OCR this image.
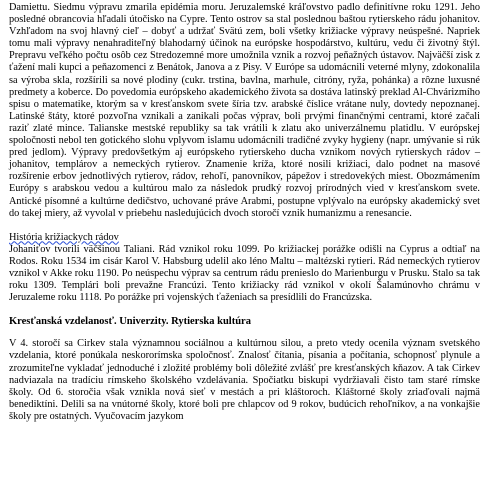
Damiettu. Siedmu výpravu zmarila epidémia moru. Jeruzalemské kráľovstvo padlo definitívne roku 1291. Jeho posledné obrancovia hľadali útočisko na Cypre. Tento ostrov sa stal poslednou baštou rytierskeho rádu johanitov. Vzhľadom na svoj hlavný cieľ – dobyť a udržať Svätú zem, boli všetky križiacke výpravy neúspešné. Napriek tomu mali výpravy nenahraditeľný blahodarný účinok na európske hospodárstvo, kultúru, vedu či životný štýl. Prepravu veľkého počtu osôb cez Stredozemné more umožnila vznik a rozvoj peňažných ústavov. Najväčší zisk z ťažení mali kupci a peňazomenci z Benátok, Janova a z Pisy. V Európe sa udomácnili veterné mlyny, zdokonalila sa výroba skla, rozšírili sa nové plodiny (cukr. trstina, bavlna, marhule, citróny, ryža, pohánka) a rôzne luxusné predmety a koberce. Do povedomia európskeho akademického života sa dostáva latinský preklad Al-Chvárizmího spisu o matematike, ktorým sa v kresťanskom svete šíria tzv. arabské číslice vrátane nuly, dovtedy nepoznanej. Latinské štáty, ktoré pozvoľna vznikali a zanikali počas výprav, boli prvými finančnými centrami, ktoré začali raziť zlaté mince. Talianske mestské republiky sa tak vrátili k zlatu ako univerzálnemu platidlu. V európskej spoločnosti nebol ten gotického slohu vplyvom islamu udomácnili tradičné zvyky hygieny (napr. umývanie si rúk pred jedlom). Výpravy predovšetkým aj európskeho rytierskeho ducha vznikom nových rytierskych rádov – johanitov, templárov a nemeckých rytierov. Znamenie kríža, ktoré nosili križiaci, dalo podnet na masové rozšírenie erbov jednotlivých rytierov, rádov, rehoľí, panovníkov, pápežov i stredovekých miest. Obozmámením Európy s arabskou vedou a kultúrou malo za následok prudký rozvoj prírodných vied v kresťanskom svete. Antické písomné a kultúrne dedičstvo, uchované práve Arabmi, postupne vplývalo na európsky akademický svet do takej miery, až vyvolal v priebehu nasledujúcich dvoch storočí vznik humanizmu a renesancie.

História križiackych rádov

Johaniťov tvorili väčšinou Taliani. Rád vznikol roku 1099. Po križiackej porážke odišli na Cyprus a odtiaľ na Rodos. Roku 1534 im cisár Karol V. Habsburg udelil ako léno Maltu – maltézski rytieri. Rád nemeckých rytierov vznikol v Akke roku 1190. Po neúspechu výprav sa centrum rádu prenieslo do Marienburgu v Prusku. Stalo sa tak roku 1309. Templári boli prevažne Francúzi. Tento križiacky rád vznikol v okolí Šalamúnovho chrámu v Jeruzaleme roku 1118. Po porážke pri vojenských ťaženiach sa presídlili do Francúzska.

Kresťanská vzdelanosť. Univerzity. Rytierska kultúra

V 4. storočí sa Cirkev stala významnou sociálnou a kultúrnou silou, a preto vtedy ocenila význam svetského vzdelania, ktoré ponúkala neskororímska spoločnosť. Znalosť čítania, písania a počítania, schopnosť plynule a zrozumiteľne vykladať jednoduché i zložité problémy boli dôležité zvlášť pre kresťanských kňazov. A tak Cirkev nadviazala na tradíciu rímskeho školského vzdelávania. Spočiatku biskupi vydržiavali čisto tam staré rímske školy. Od 6. storočia však vznikla nová sieť v mestách a pri kláštoroch. Kláštorné školy zriaďovali najmä benediktíni. Delili sa na vnútorné školy, ktoré boli pre chlapcov od 9 rokov, budúcich rehoľníkov, a na vonkajšie školy pre ostatných. Vyučovacím jazykom
